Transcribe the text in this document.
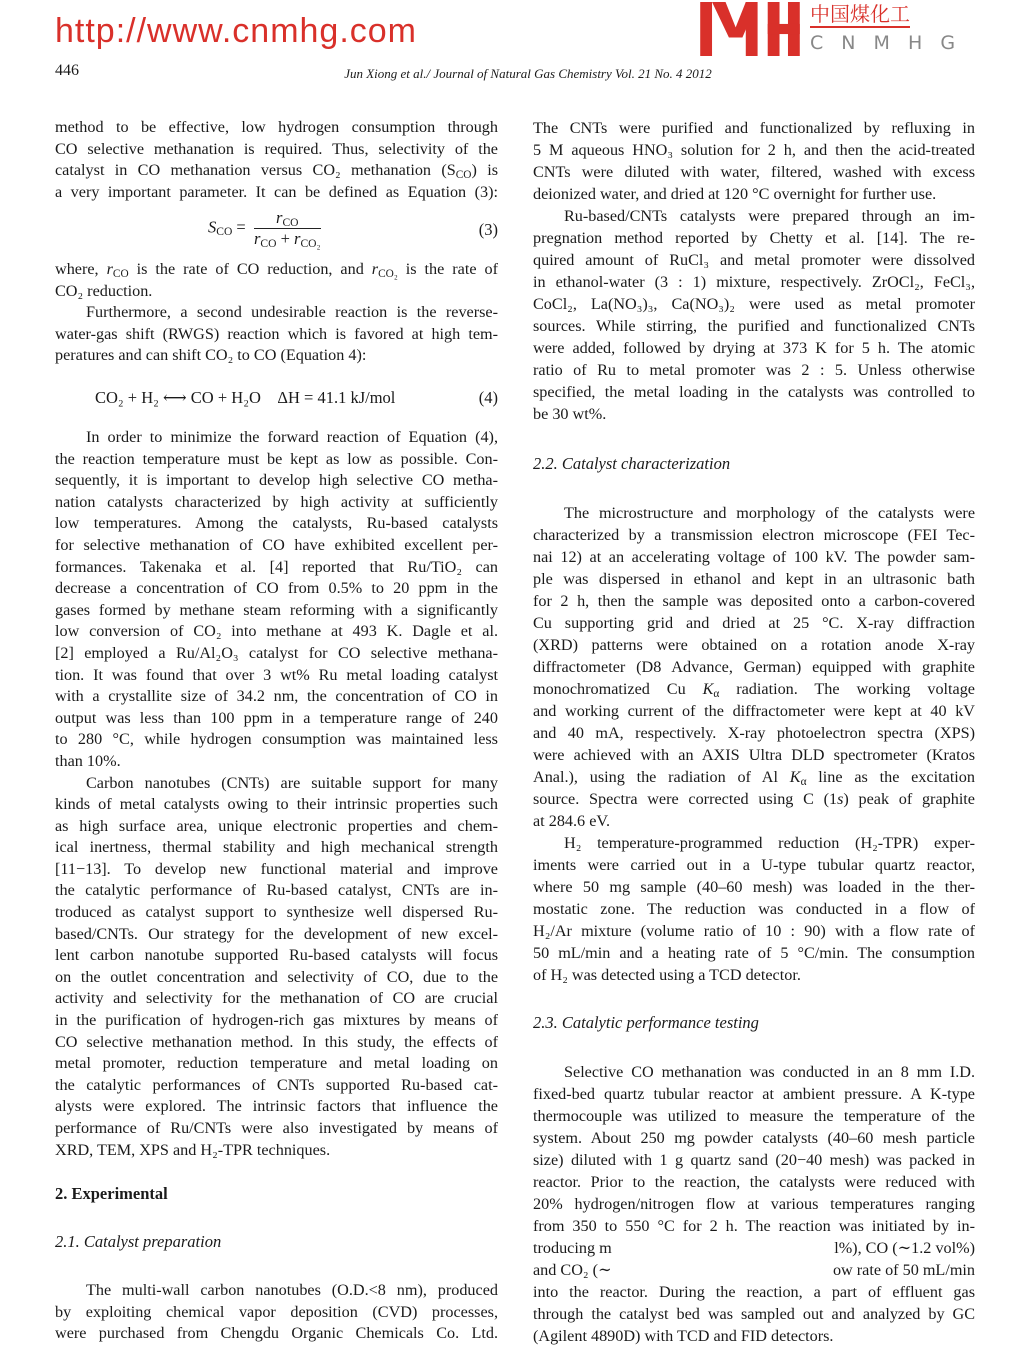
446	Jun Xiong et al./ Journal of Natural Gas Chemistry Vol. 21 No. 4 2012
$S_{CO} = \frac{r_{CO}}{r_{CO} + r_{CO_2}}$	(3)
CO₂ + H₂ ⟷ CO + H₂O    ΔH = 41.1 kJ/mol	(4)
method to be effective, low hydrogen consumption through
CO selective methanation is required. Thus, selectivity of the
catalyst in CO methanation versus CO₂ methanation $(S_{CO})$ is
a very important parameter. It can be defined as Equation (3):
where, $r_{CO}$ is the rate of CO reduction, and $r_{CO_2}$ is the rate of
CO₂ reduction.
Furthermore, a second undesirable reaction is the reverse-
water-gas shift (RWGS) reaction which is favored at high tem-
peratures and can shift CO₂ to CO (Equation 4):
In order to minimize the forward reaction of Equation (4),
the reaction temperature must be kept as low as possible. Con-
sequently, it is important to develop high selective CO metha-
nation catalysts characterized by high activity at sufficiently
low temperatures. Among the catalysts, Ru-based catalysts
for selective methanation of CO have exhibited excellent per-
formances. Takenaka et al. [4] reported that Ru/TiO₂ can
decrease a concentration of CO from 0.5% to 20 ppm in the
gases formed by methane steam reforming with a significantly
low conversion of CO₂ into methane at 493 K. Dagle et al.
[2] employed a Ru/Al₂O₃ catalyst for CO selective methana-
tion. It was found that over 3 wt% Ru metal loading catalyst
with a crystallite size of 34.2 nm, the concentration of CO in
output was less than 100 ppm in a temperature range of 240
to 280 °C, while hydrogen consumption was maintained less
than 10%.
Carbon nanotubes (CNTs) are suitable support for many
kinds of metal catalysts owing to their intrinsic properties such
as high surface area, unique electronic properties and chem-
ical inertness, thermal stability and high mechanical strength
[11−13]. To develop new functional material and improve
the catalytic performance of Ru-based catalyst, CNTs are in-
troduced as catalyst support to synthesize well dispersed Ru-
based/CNTs. Our strategy for the development of new excel-
lent carbon nanotube supported Ru-based catalysts will focus
on the outlet concentration and selectivity of CO, due to the
activity and selectivity for the methanation of CO are crucial
in the purification of hydrogen-rich gas mixtures by means of
CO selective methanation method. In this study, the effects of
metal promoter, reduction temperature and metal loading on
the catalytic performances of CNTs supported Ru-based cat-
alysts were explored. The intrinsic factors that influence the
performance of Ru/CNTs were also investigated by means of
XRD, TEM, XPS and H₂-TPR techniques.
2. Experimental
2.1. Catalyst preparation
The multi-wall carbon nanotubes (O.D.<8 nm), produced
by exploiting chemical vapor deposition (CVD) processes,
were purchased from Chengdu Organic Chemicals Co. Ltd.
The CNTs were purified and functionalized by refluxing in
5 M aqueous HNO₃ solution for 2 h, and then the acid-treated
CNTs were diluted with water, filtered, washed with excess
deionized water, and dried at 120 °C overnight for further use.
Ru-based/CNTs catalysts were prepared through an im-
pregnation method reported by Chetty et al. [14]. The re-
quired amount of RuCl₃ and metal promoter were dissolved
in ethanol-water (3 : 1) mixture, respectively. ZrOCl₂, FeCl₃,
CoCl₂, La(NO₃)₃, Ca(NO₃)₂ were used as metal promoter
sources. While stirring, the purified and functionalized CNTs
were added, followed by drying at 373 K for 5 h. The atomic
ratio of Ru to metal promoter was 2 : 5. Unless otherwise
specified, the metal loading in the catalysts was controlled to
be 30 wt%.
2.2. Catalyst characterization
The microstructure and morphology of the catalysts were
characterized by a transmission electron microscope (FEI Tec-
nai 12) at an accelerating voltage of 100 kV. The powder sam-
ple was dispersed in ethanol and kept in an ultrasonic bath
for 2 h, then the sample was deposited onto a carbon-covered
Cu supporting grid and dried at 25 °C. X-ray diffraction
(XRD) patterns were obtained on a rotation anode X-ray
diffractometer (D8 Advance, German) equipped with graphite
monochromatized Cu $K_\alpha$ radiation. The working voltage
and working current of the diffractometer were kept at 40 kV
and 40 mA, respectively. X-ray photoelectron spectra (XPS)
were achieved with an AXIS Ultra DLD spectrometer (Kratos
Anal.), using the radiation of Al $K_\alpha$ line as the excitation
source. Spectra were corrected using C (1s) peak of graphite
at 284.6 eV.
H₂ temperature-programmed reduction (H₂-TPR) exper-
iments were carried out in a U-type tubular quartz reactor,
where 50 mg sample (40–60 mesh) was loaded in the ther-
mostatic zone. The reduction was conducted in a flow of
H₂/Ar mixture (volume ratio of 10 : 90) with a flow rate of
50 mL/min and a heating rate of 5 °C/min. The consumption
of H₂ was detected using a TCD detector.
2.3. Catalytic performance testing
Selective CO methanation was conducted in an 8 mm I.D.
fixed-bed quartz tubular reactor at ambient pressure. A K-type
thermocouple was utilized to measure the temperature of the
system. About 250 mg powder catalysts (40–60 mesh particle
size) diluted with 1 g quartz sand (20−40 mesh) was packed in
reactor. Prior to the reaction, the catalysts were reduced with
20% hydrogen/nitrogen flow at various temperatures ranging
from 350 to 550 °C for 2 h. The reaction was initiated by in-
troducing m	l%), CO (∼1.2 vol%)
and CO₂ (∼	ow rate of 50 mL/min
into the reactor. During the reaction, a part of effluent gas
through the catalyst bed was sampled out and analyzed by GC
(Agilent 4890D) with TCD and FID detectors.
http://www.cnmhg.com	中国煤化工
C N M H G
